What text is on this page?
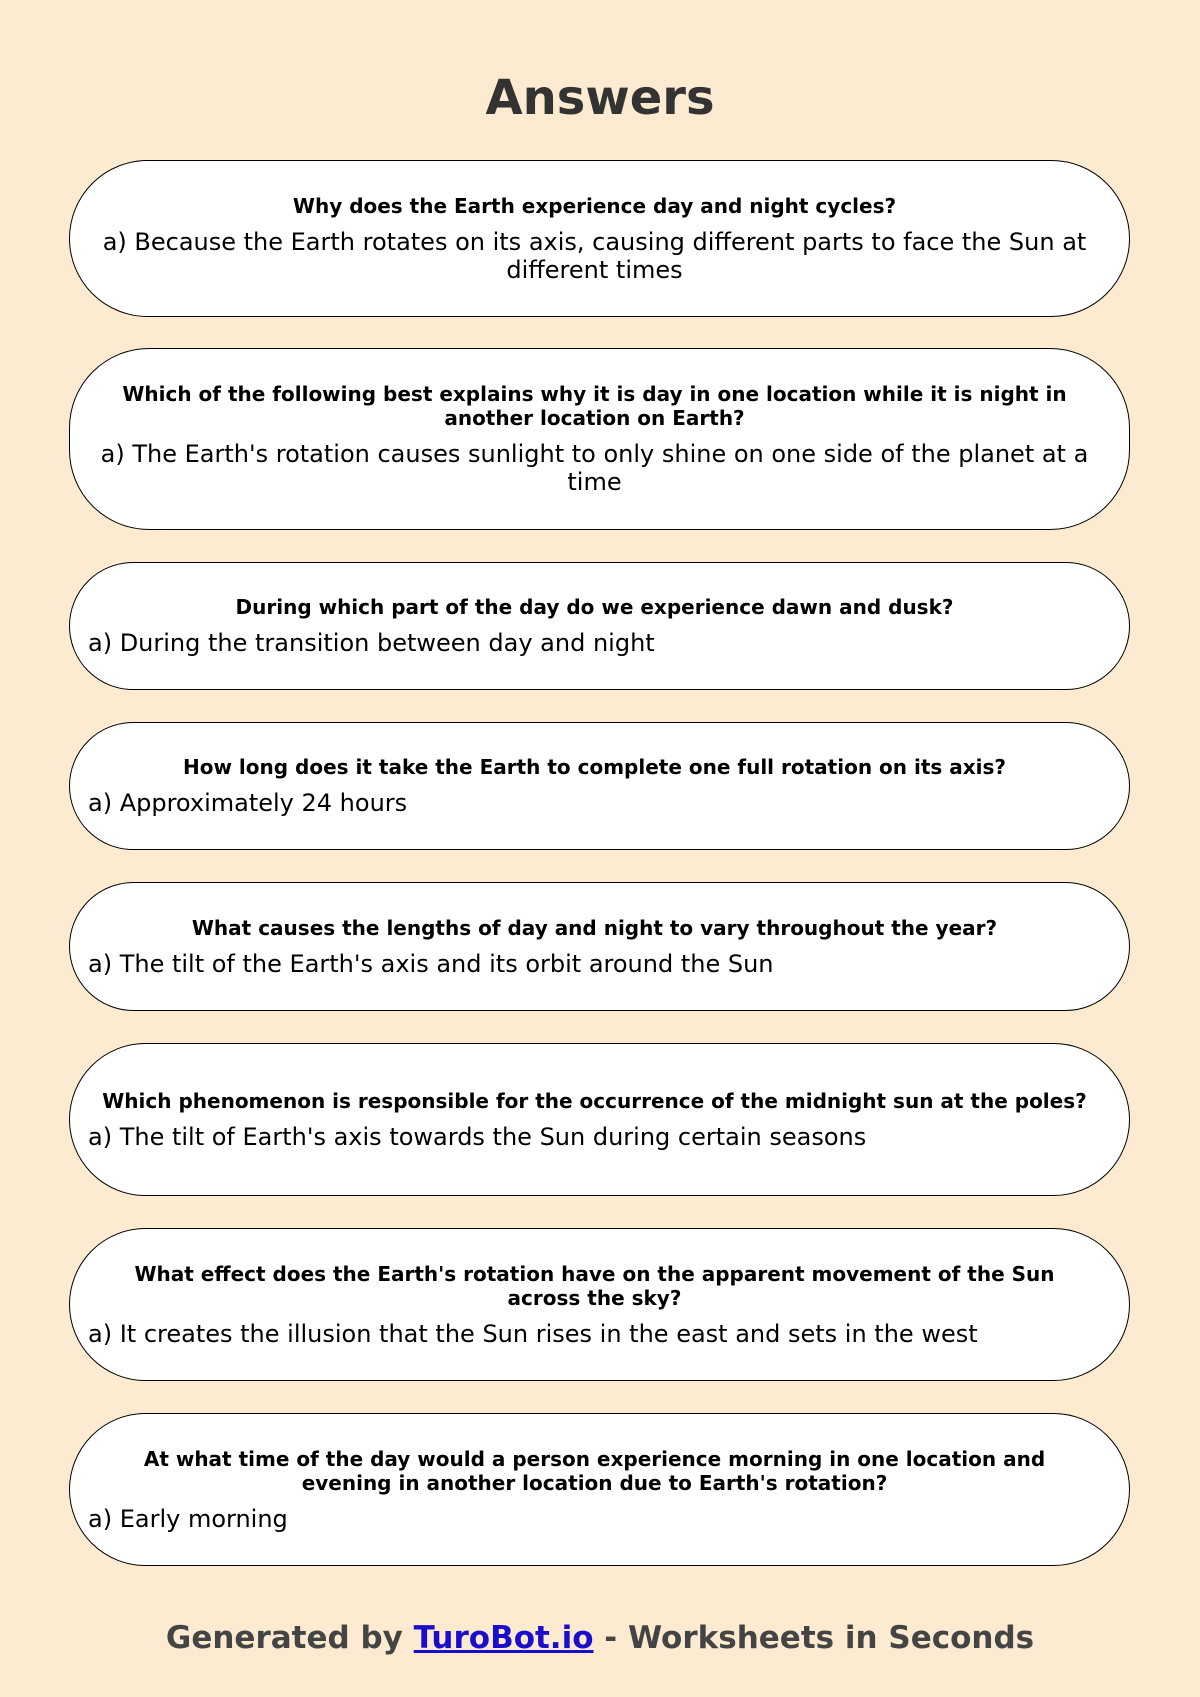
Answers

Why does the Earth experience day and night cycles?

a) Because the Earth rotates on its axis, causing different parts to face the Sun at different times

Which of the following best explains why it is day in one location while it is night in another location on Earth?

a) The Earth's rotation causes sunlight to only shine on one side of the planet at a time

During which part of the day do we experience dawn and dusk?

a) During the transition between day and night

How long does it take the Earth to complete one full rotation on its axis?

a) Approximately 24 hours

What causes the lengths of day and night to vary throughout the year?

a) The tilt of the Earth's axis and its orbit around the Sun

Which phenomenon is responsible for the occurrence of the midnight sun at the poles?

a) The tilt of Earth's axis towards the Sun during certain seasons

What effect does the Earth's rotation have on the apparent movement of the Sun across the sky?

a) It creates the illusion that the Sun rises in the east and sets in the west

At what time of the day would a person experience morning in one location and evening in another location due to Earth's rotation?

a) Early morning

Generated by TuroBot.io - Worksheets in Seconds
